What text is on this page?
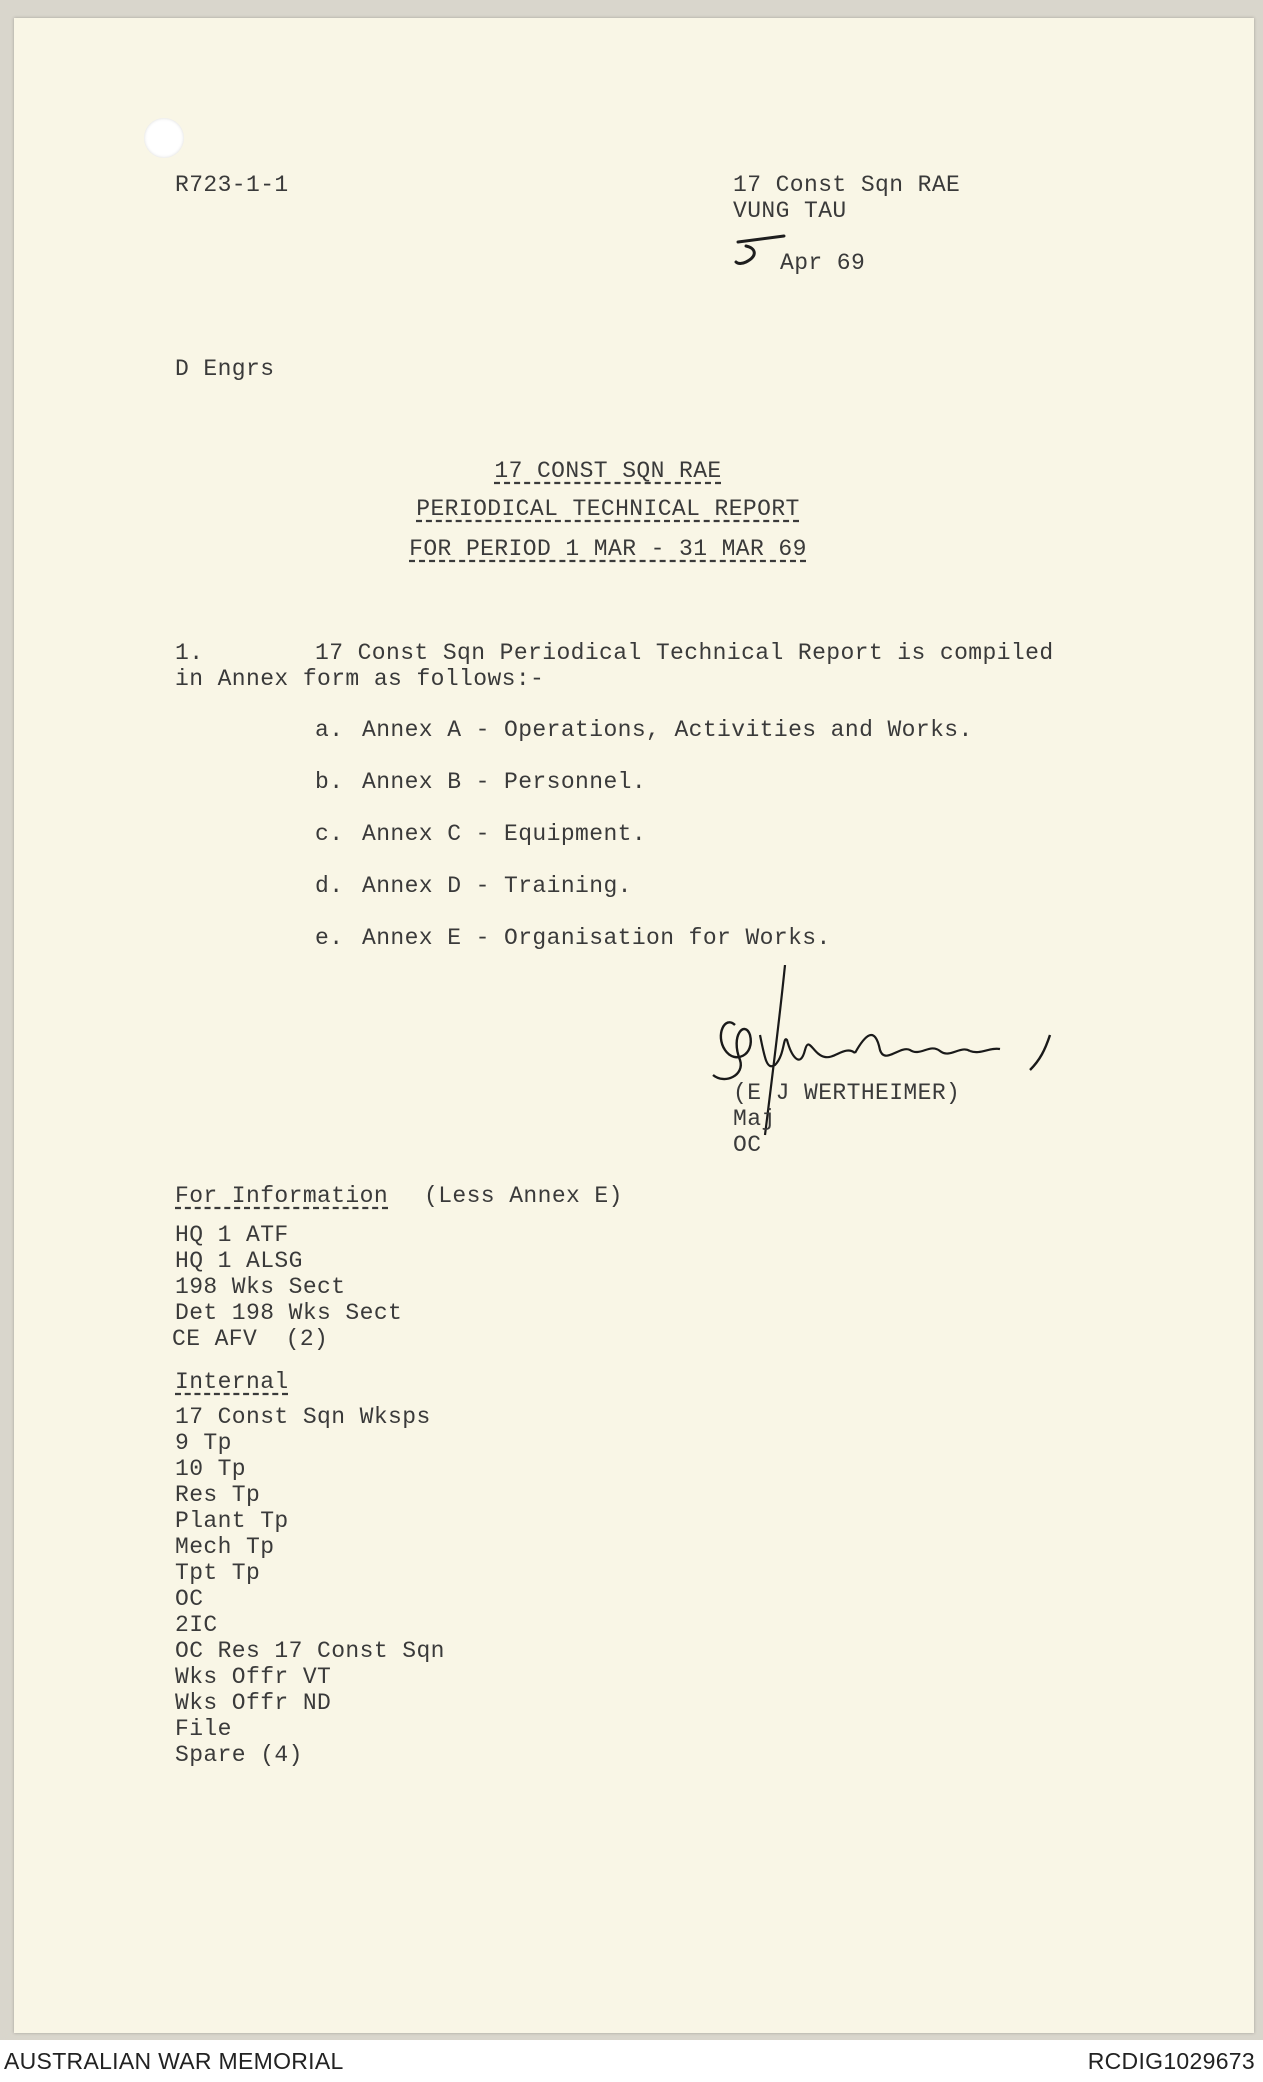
R723-1-1	17 Const Sqn RAE
VUNG TAU
Apr 69
D Engrs
17 CONST SQN RAE
PERIODICAL TECHNICAL REPORT
FOR PERIOD 1 MAR - 31 MAR 69
1.	17 Const Sqn Periodical Technical Report is compiled
in Annex form as follows:-
a. Annex A - Operations, Activities and Works.
b. Annex B - Personnel.
c. Annex C - Equipment.
d. Annex D - Training.
e. Annex E - Organisation for Works.
(E J WERTHEIMER)
Maj
OC
For Information (Less Annex E)
HQ 1 ATF
HQ 1 ALSG
198 Wks Sect
Det 198 Wks Sect
CE AFV  (2)
Internal
17 Const Sqn Wksps
9 Tp
10 Tp
Res Tp
Plant Tp
Mech Tp
Tpt Tp
OC
2IC
OC Res 17 Const Sqn
Wks Offr VT
Wks Offr ND
File
Spare (4)
AUSTRALIAN WAR MEMORIAL	RCDIG1029673
